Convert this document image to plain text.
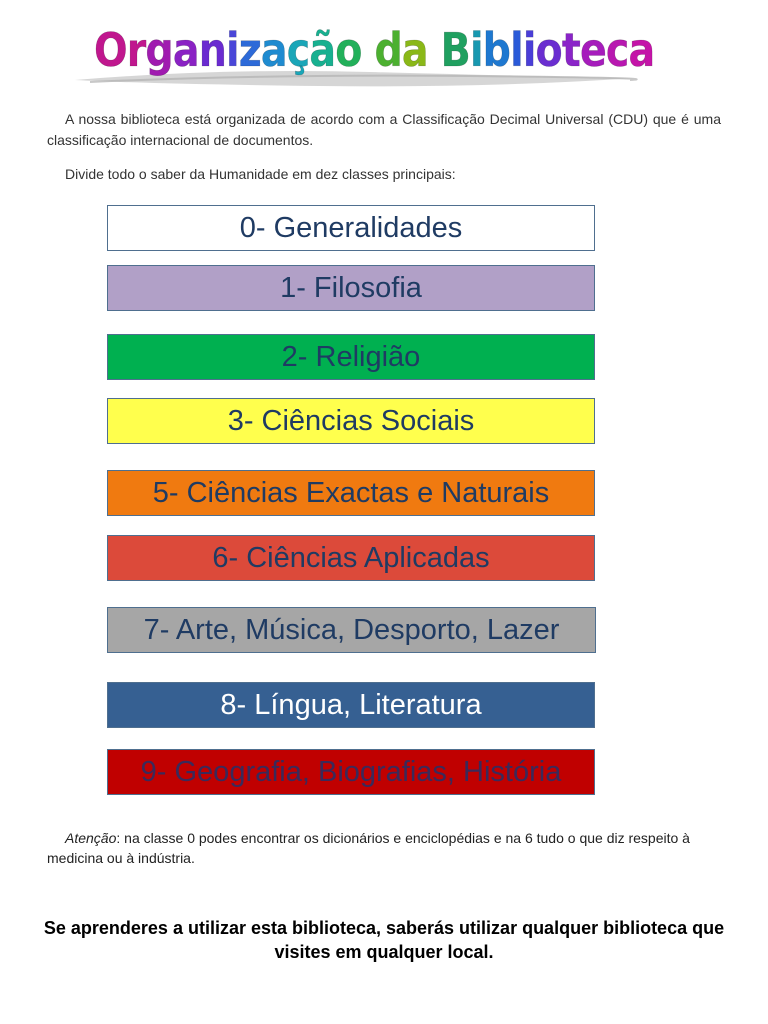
Organização da Biblioteca

A nossa biblioteca está organizada de acordo com a Classificação Decimal Universal (CDU) que é uma classificação internacional de documentos.

Divide todo o saber da Humanidade em dez classes principais:

0- Generalidades
1- Filosofia
2- Religião
3- Ciências Sociais
5- Ciências Exactas e Naturais
6- Ciências Aplicadas
7- Arte, Música, Desporto, Lazer
8- Língua, Literatura
9- Geografia, Biografias, História
Atenção: na classe 0 podes encontrar os dicionários e enciclopédias e na 6 tudo o que diz respeito à medicina ou à indústria.
Se aprenderes a utilizar esta biblioteca, saberás utilizar qualquer biblioteca que visites em qualquer local.
